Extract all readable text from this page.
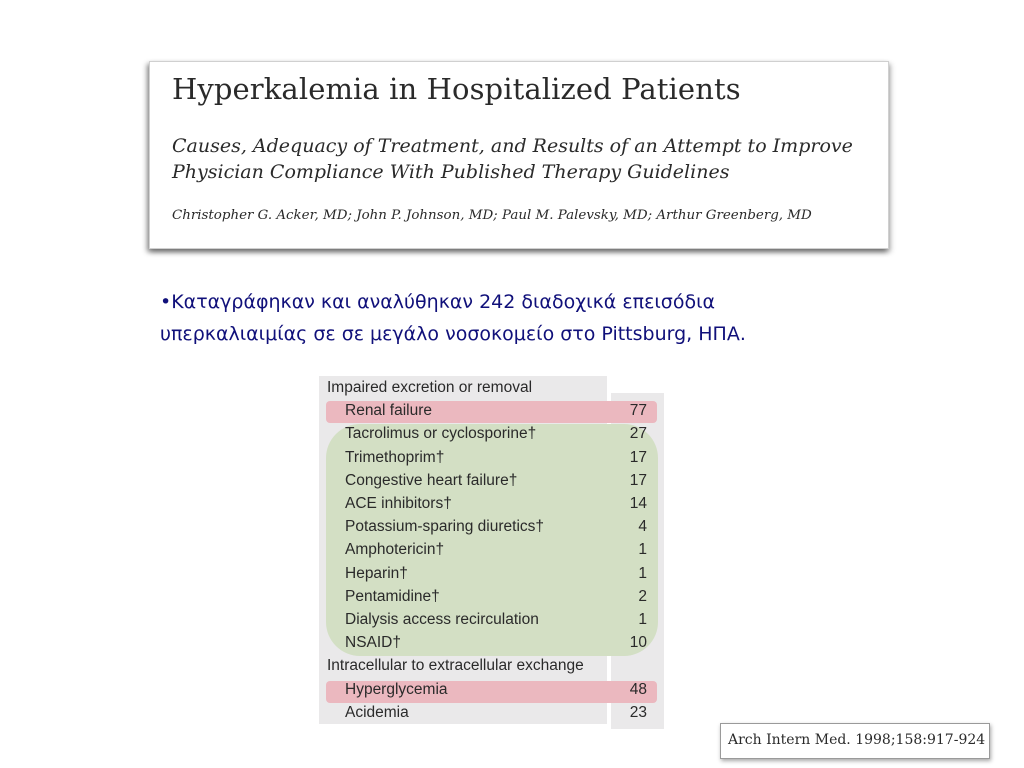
Hyperkalemia in Hospitalized Patients
Causes, Adequacy of Treatment, and Results of an Attempt to Improve
Physician Compliance With Published Therapy Guidelines
Christopher G. Acker, MD; John P. Johnson, MD; Paul M. Palevsky, MD; Arthur Greenberg, MD
•Καταγράφηκαν και αναλύθηκαν 242 διαδοχικά επεισόδια
υπερκαλιαιμίας σε σε μεγάλο νοσοκομείο στο Pittsburg, ΗΠΑ.
Impaired excretion or removal
Renal failure	77
Tacrolimus or cyclosporine†	27
Trimethoprim†	17
Congestive heart failure†	17
ACE inhibitors†	14
Potassium-sparing diuretics†	4
Amphotericin†	1
Heparin†	1
Pentamidine†	2
Dialysis access recirculation	1
NSAID†	10
Intracellular to extracellular exchange
Hyperglycemia	48
Acidemia	23
Arch Intern Med. 1998;158:917-924
